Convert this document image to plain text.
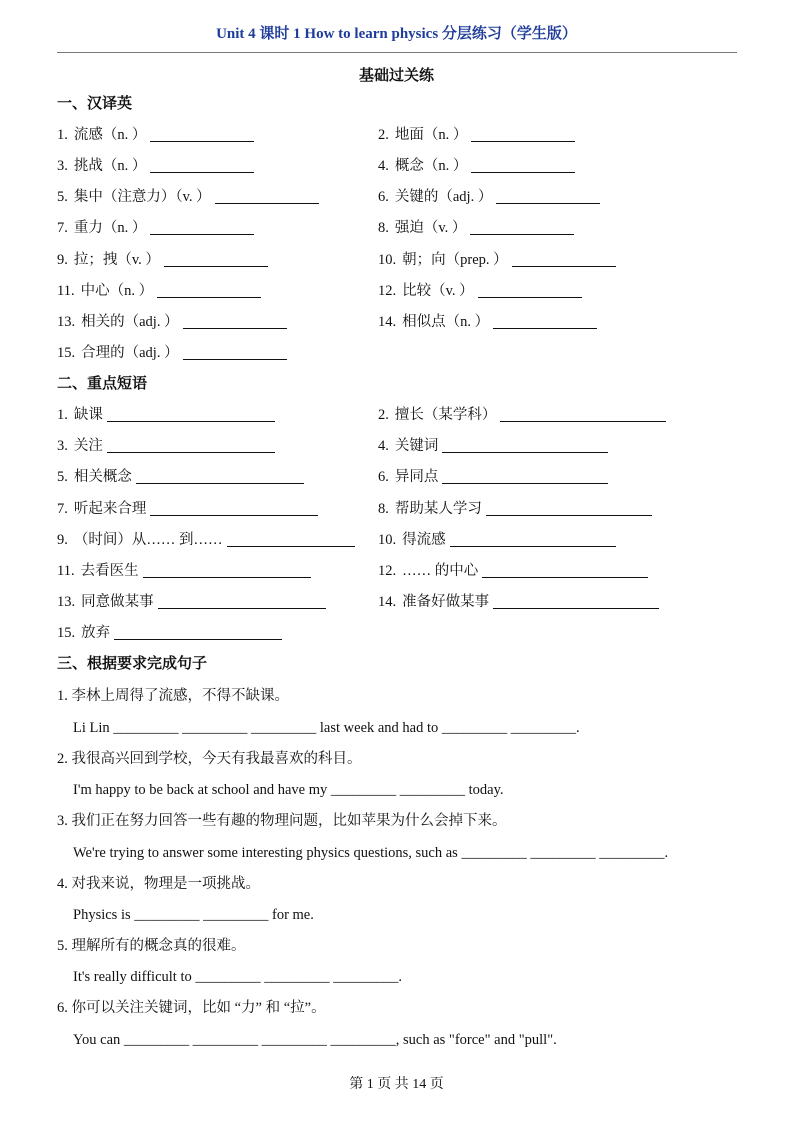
Unit 4 课时 1 How to learn physics 分层练习（学生版）
基础过关练
一、汉译英
1. 流感（n. ）	2. 地面（n. ）
3. 挑战（n. ）	4. 概念（n. ）
5. 集中（注意力）（v. ）	6. 关键的（adj. ）
7. 重力（n. ）	8. 强迫（v. ）
9. 拉；拽（v. ）	10. 朝；向（prep. ）
11. 中心（n. ）	12. 比较（v. ）
13. 相关的（adj. ）	14. 相似点（n. ）
15. 合理的（adj. ）
二、重点短语
1. 缺课	2. 擅长（某学科）
3. 关注	4. 关键词
5. 相关概念	6. 异同点
7. 听起来合理	8. 帮助某人学习
9. （时间）从…… 到……	10. 得流感
11. 去看医生	12. …… 的中心
13. 同意做某事	14. 准备好做某事
15. 放弃
三、根据要求完成句子
1. 李林上周得了流感，不得不缺课。
Li Lin _________ _________ _________ last week and had to _________ _________.
2. 我很高兴回到学校，今天有我最喜欢的科目。
I'm happy to be back at school and have my _________ _________ today.
3. 我们正在努力回答一些有趣的物理问题，比如苹果为什么会掉下来。
We're trying to answer some interesting physics questions, such as _________ _________ _________.
4. 对我来说，物理是一项挑战。
Physics is _________ _________ for me.
5. 理解所有的概念真的很难。
It's really difficult to _________ _________ _________.
6. 你可以关注关键词，比如 “力” 和 “拉”。
You can _________ _________ _________ _________, such as "force" and "pull".
第 1 页 共 14 页
